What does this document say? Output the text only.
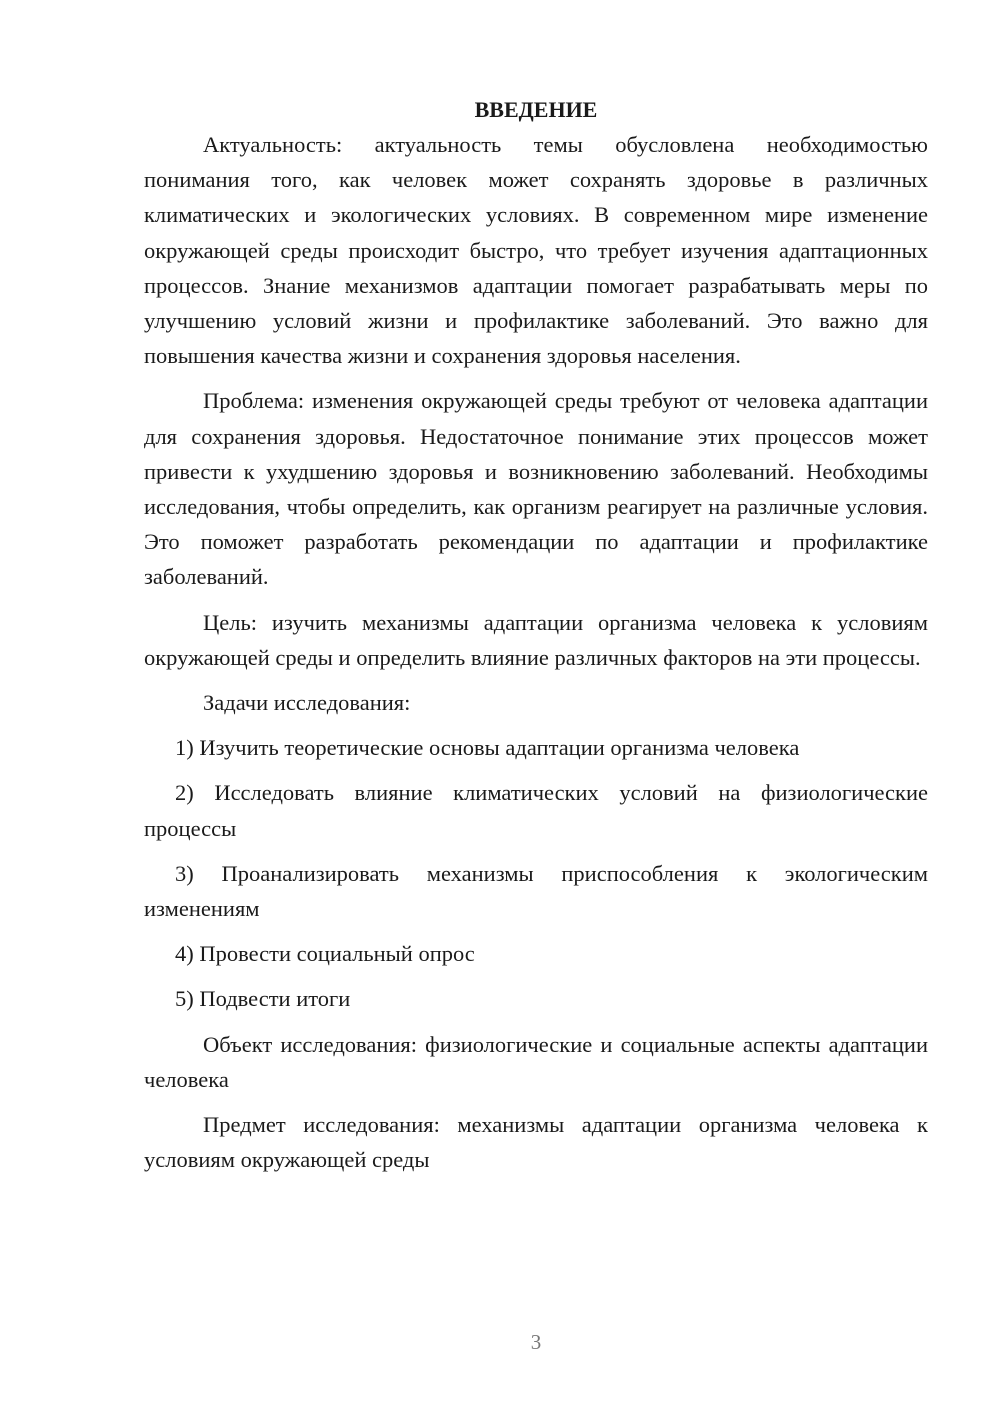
ВВЕДЕНИЕ

Актуальность: актуальность темы обусловлена необходимостью понимания того, как человек может сохранять здоровье в различных климатических и экологических условиях. В современном мире изменение окружающей среды происходит быстро, что требует изучения адаптационных процессов. Знание механизмов адаптации помогает разрабатывать меры по улучшению условий жизни и профилактике заболеваний. Это важно для повышения качества жизни и сохранения здоровья населения.

Проблема: изменения окружающей среды требуют от человека адаптации для сохранения здоровья. Недостаточное понимание этих процессов может привести к ухудшению здоровья и возникновению заболеваний. Необходимы исследования, чтобы определить, как организм реагирует на различные условия. Это поможет разработать рекомендации по адаптации и профилактике заболеваний.

Цель: изучить механизмы адаптации организма человека к условиям окружающей среды и определить влияние различных факторов на эти процессы.

Задачи исследования:

1) Изучить теоретические основы адаптации организма человека

2) Исследовать влияние климатических условий на физиологические процессы

3) Проанализировать механизмы приспособления к экологическим изменениям

4) Провести социальный опрос

5) Подвести итоги

Объект исследования: физиологические и социальные аспекты адаптации человека

Предмет исследования: механизмы адаптации организма человека к условиям окружающей среды

3
